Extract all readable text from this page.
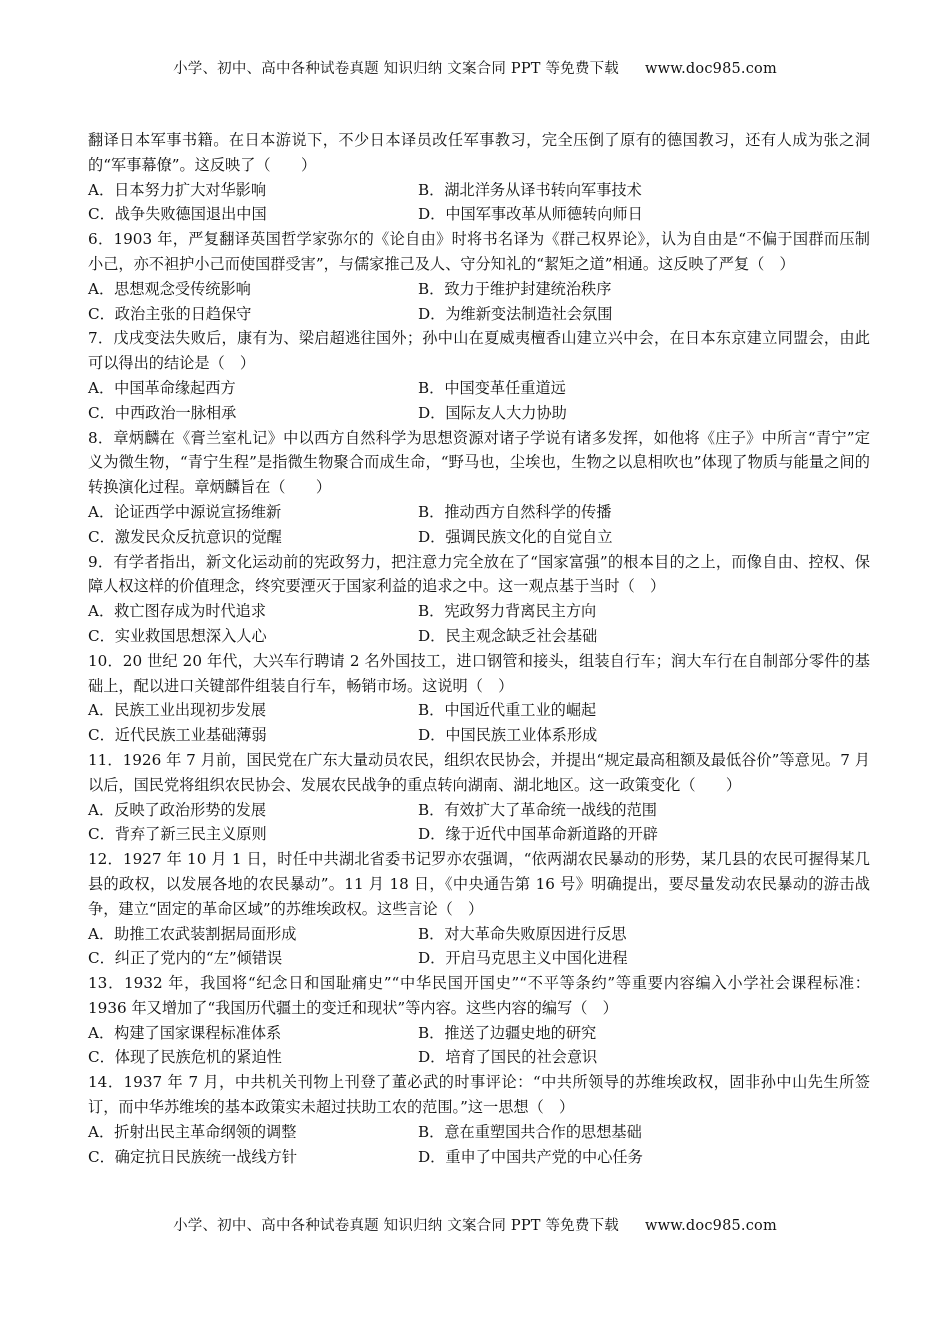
小学、初中、高中各种试卷真题 知识归纳 文案合同 PPT 等免费下载 www.doc985.com

翻译日本军事书籍。在日本游说下，不少日本译员改任军事教习，完全压倒了原有的德国教习，还有人成为张之洞的“军事幕僚”。这反映了（　　）

A．日本努力扩大对华影响	B．湖北洋务从译书转向军事技术
C．战争失败德国退出中国	D．中国军事改革从师德转向师日

6．1903 年，严复翻译英国哲学家弥尔的《论自由》时将书名译为《群己权界论》，认为自由是“不偏于国群而压制小己，亦不袒护小己而使国群受害”，与儒家推己及人、守分知礼的“絜矩之道”相通。这反映了严复（　）

A．思想观念受传统影响	B．致力于维护封建统治秩序
C．政治主张的日趋保守	D．为维新变法制造社会氛围

7．戊戌变法失败后，康有为、梁启超逃往国外；孙中山在夏威夷檀香山建立兴中会，在日本东京建立同盟会，由此可以得出的结论是（　）

A．中国革命缘起西方	B．中国变革任重道远
C．中西政治一脉相承	D．国际友人大力协助

8．章炳麟在《膏兰室札记》中以西方自然科学为思想资源对诸子学说有诸多发挥，如他将《庄子》中所言“青宁”定义为微生物，“青宁生程”是指微生物聚合而成生命，“野马也，尘埃也，生物之以息相吹也”体现了物质与能量之间的转换演化过程。章炳麟旨在（　　）

A．论证西学中源说宣扬维新	B．推动西方自然科学的传播
C．激发民众反抗意识的觉醒	D．强调民族文化的自觉自立

9．有学者指出，新文化运动前的宪政努力，把注意力完全放在了“国家富强”的根本目的之上，而像自由、控权、保障人权这样的价值理念，终究要湮灭于国家利益的追求之中。这一观点基于当时（　）

A．救亡图存成为时代追求	B．宪政努力背离民主方向
C．实业救国思想深入人心	D．民主观念缺乏社会基础

10．20 世纪 20 年代，大兴车行聘请 2 名外国技工，进口钢管和接头，组装自行车；润大车行在自制部分零件的基础上，配以进口关键部件组装自行车，畅销市场。这说明（　）

A．民族工业出现初步发展	B．中国近代重工业的崛起
C．近代民族工业基础薄弱	D．中国民族工业体系形成

11．1926 年 7 月前，国民党在广东大量动员农民，组织农民协会，并提出“规定最高租额及最低谷价”等意见。7 月以后，国民党将组织农民协会、发展农民战争的重点转向湖南、湖北地区。这一政策变化（　　）

A．反映了政治形势的发展	B．有效扩大了革命统一战线的范围
C．背弃了新三民主义原则	D．缘于近代中国革命新道路的开辟

12．1927 年 10 月 1 日，时任中共湖北省委书记罗亦农强调，“依两湖农民暴动的形势，某几县的农民可握得某几县的政权，以发展各地的农民暴动”。11 月 18 日，《中央通告第 16 号》明确提出，要尽量发动农民暴动的游击战争，建立“固定的革命区域”的苏维埃政权。这些言论（　）

A．助推工农武装割据局面形成	B．对大革命失败原因进行反思
C．纠正了党内的“左”倾错误	D．开启马克思主义中国化进程

13．1932 年，我国将“纪念日和国耻痛史”“中华民国开国史”“不平等条约”等重要内容编入小学社会课程标准：1936 年又增加了“我国历代疆土的变迁和现状”等内容。这些内容的编写（　）

A．构建了国家课程标准体系	B．推送了边疆史地的研究
C．体现了民族危机的紧迫性	D．培育了国民的社会意识

14．1937 年 7 月，中共机关刊物上刊登了董必武的时事评论：“中共所领导的苏维埃政权，固非孙中山先生所签订，而中华苏维埃的基本政策实未超过扶助工农的范围。”这一思想（　）

A．折射出民主革命纲领的调整	B．意在重塑国共合作的思想基础
C．确定抗日民族统一战线方针	D．重申了中国共产党的中心任务
小学、初中、高中各种试卷真题 知识归纳 文案合同 PPT 等免费下载 www.doc985.com
